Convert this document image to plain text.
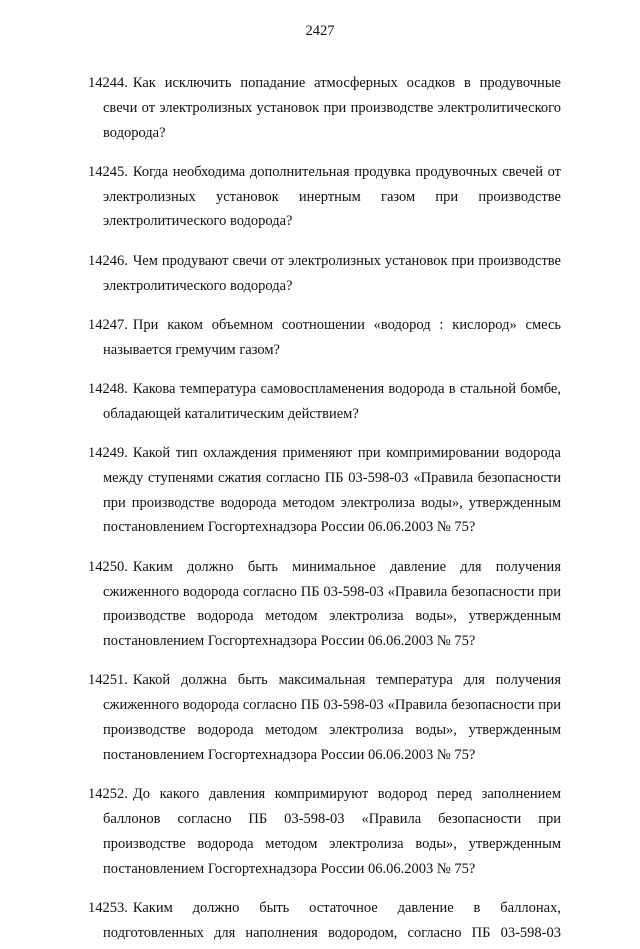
2427

14244. Как исключить попадание атмосферных осадков в продувочные свечи от электролизных установок при производстве электролитического водорода?

14245. Когда необходима дополнительная продувка продувочных свечей от электролизных установок инертным газом при производстве электролитического водорода?

14246. Чем продувают свечи от электролизных установок при производстве электролитического водорода?

14247. При каком объемном соотношении «водород : кислород» смесь называется гремучим газом?

14248. Какова температура самовоспламенения водорода в стальной бомбе, обладающей каталитическим действием?

14249. Какой тип охлаждения применяют при компримировании водорода между ступенями сжатия согласно ПБ 03-598-03 «Правила безопасности при производстве водорода методом электролиза воды», утвержденным постановлением Госгортехнадзора России 06.06.2003 № 75?

14250. Каким должно быть минимальное давление для получения сжиженного водорода согласно ПБ 03-598-03 «Правила безопасности при производстве водорода методом электролиза воды», утвержденным постановлением Госгортехнадзора России 06.06.2003 № 75?

14251. Какой должна быть максимальная температура для получения сжиженного водорода согласно ПБ 03-598-03 «Правила безопасности при производстве водорода методом электролиза воды», утвержденным постановлением Госгортехнадзора России 06.06.2003 № 75?

14252. До какого давления компримируют водород перед заполнением баллонов согласно ПБ 03-598-03 «Правила безопасности при производстве водорода методом электролиза воды», утвержденным постановлением Госгортехнадзора России 06.06.2003 № 75?

14253. Каким должно быть остаточное давление в баллонах, подготовленных для наполнения водородом, согласно ПБ 03-598-03
